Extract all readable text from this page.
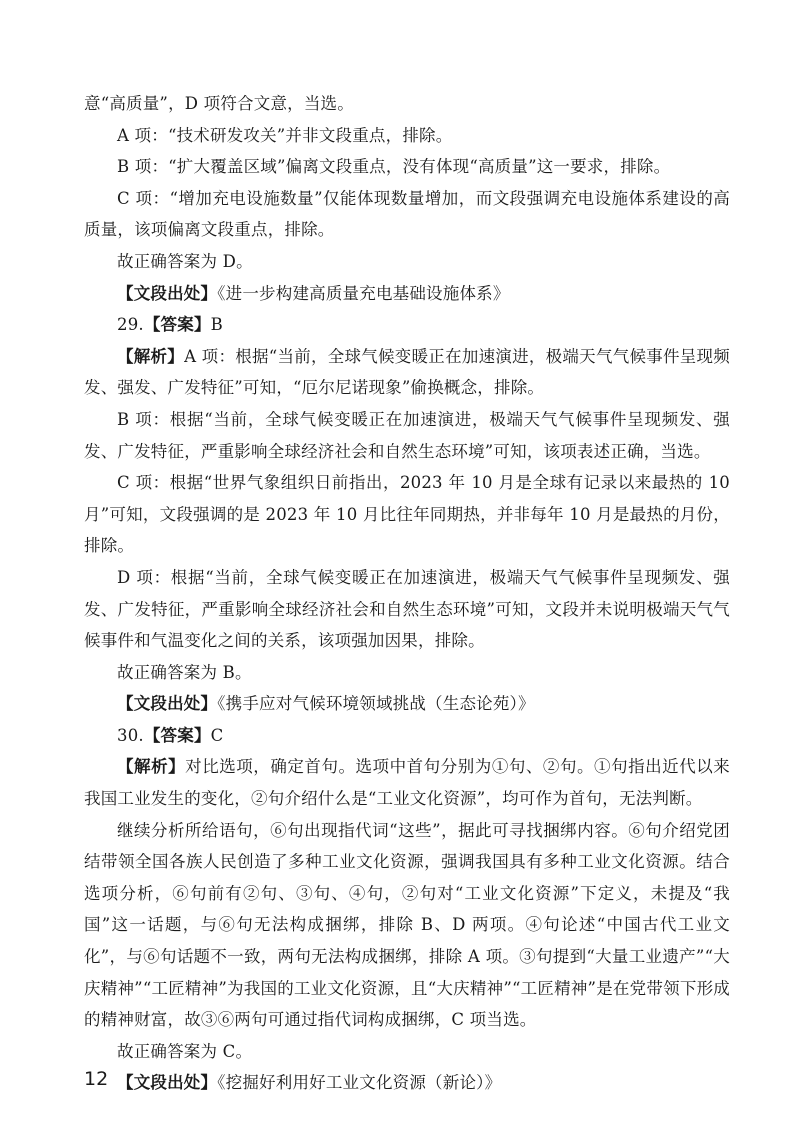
意“高质量”，D 项符合文意，当选。

A 项：“技术研发攻关”并非文段重点，排除。

B 项：“扩大覆盖区域”偏离文段重点，没有体现“高质量”这一要求，排除。

C 项：“增加充电设施数量”仅能体现数量增加，而文段强调充电设施体系建设的高质量，该项偏离文段重点，排除。

故正确答案为 D。

【文段出处】《进一步构建高质量充电基础设施体系》

29.【答案】B

【解析】A 项：根据“当前，全球气候变暖正在加速演进，极端天气气候事件呈现频发、强发、广发特征”可知，“厄尔尼诺现象”偷换概念，排除。

B 项：根据“当前，全球气候变暖正在加速演进，极端天气气候事件呈现频发、强发、广发特征，严重影响全球经济社会和自然生态环境”可知，该项表述正确，当选。

C 项：根据“世界气象组织日前指出，2023 年 10 月是全球有记录以来最热的 10 月”可知，文段强调的是 2023 年 10 月比往年同期热，并非每年 10 月是最热的月份，排除。

D 项：根据“当前，全球气候变暖正在加速演进，极端天气气候事件呈现频发、强发、广发特征，严重影响全球经济社会和自然生态环境”可知，文段并未说明极端天气气候事件和气温变化之间的关系，该项强加因果，排除。

故正确答案为 B。

【文段出处】《携手应对气候环境领域挑战（生态论苑）》

30.【答案】C

【解析】对比选项，确定首句。选项中首句分别为①句、②句。①句指出近代以来我国工业发生的变化，②句介绍什么是“工业文化资源”，均可作为首句，无法判断。

继续分析所给语句，⑥句出现指代词“这些”，据此可寻找捆绑内容。⑥句介绍党团结带领全国各族人民创造了多种工业文化资源，强调我国具有多种工业文化资源。结合选项分析，⑥句前有②句、③句、④句，②句对“工业文化资源”下定义，未提及“我国”这一话题，与⑥句无法构成捆绑，排除 B、D 两项。④句论述“中国古代工业文化”，与⑥句话题不一致，两句无法构成捆绑，排除 A 项。③句提到“大量工业遗产”“大庆精神”“工匠精神”为我国的工业文化资源，且“大庆精神”“工匠精神”是在党带领下形成的精神财富，故③⑥两句可通过指代词构成捆绑，C 项当选。

故正确答案为 C。

【文段出处】《挖掘好利用好工业文化资源（新论）》

12
